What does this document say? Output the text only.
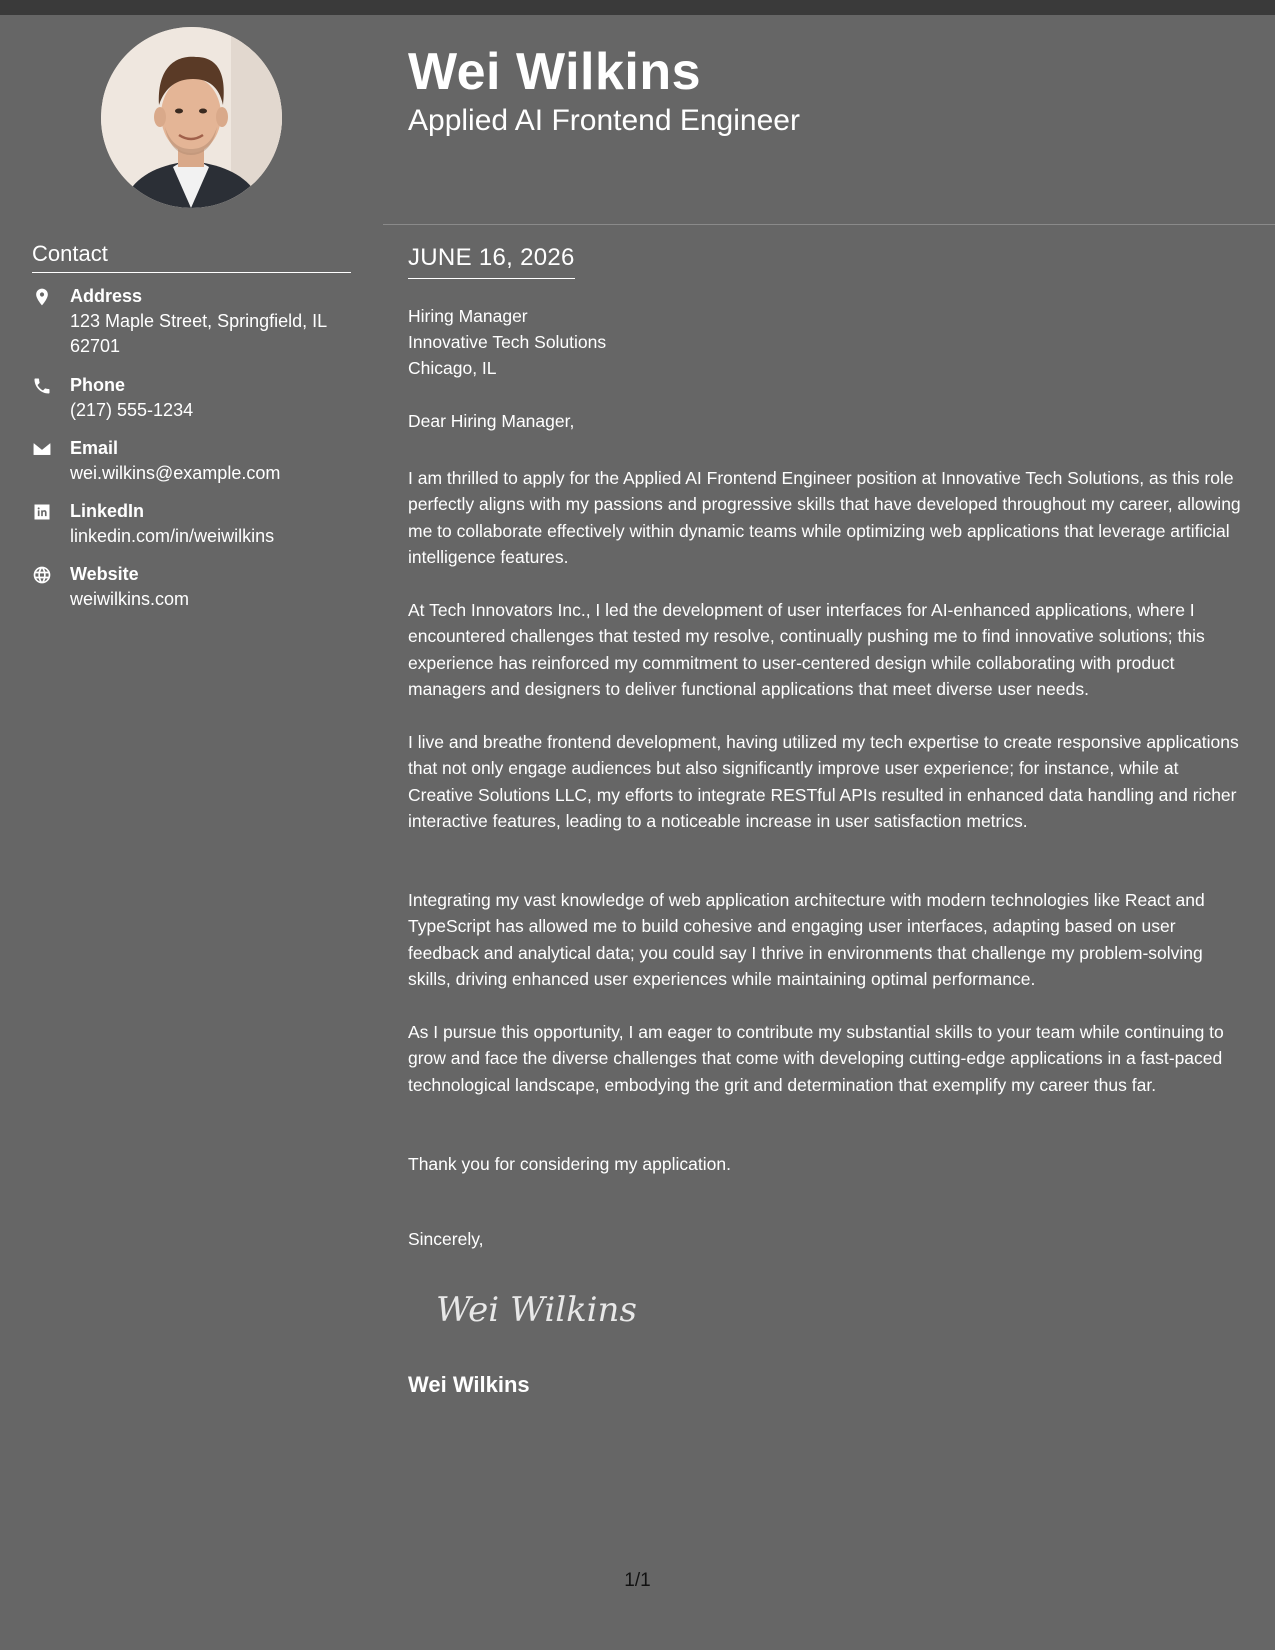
Contact
Address
123 Maple Street, Springfield, IL 62701
Phone
(217) 555-1234
Email
wei.wilkins@example.com
LinkedIn
linkedin.com/in/weiwilkins
Website
weiwilkins.com
Wei Wilkins
Applied AI Frontend Engineer
JUNE 16, 2026
Hiring Manager
Innovative Tech Solutions
Chicago, IL
Dear Hiring Manager,
I am thrilled to apply for the Applied AI Frontend Engineer position at Innovative Tech Solutions, as this role perfectly aligns with my passions and progressive skills that have developed throughout my career, allowing me to collaborate effectively within dynamic teams while optimizing web applications that leverage artificial intelligence features.
At Tech Innovators Inc., I led the development of user interfaces for AI-enhanced applications, where I encountered challenges that tested my resolve, continually pushing me to find innovative solutions; this experience has reinforced my commitment to user-centered design while collaborating with product managers and designers to deliver functional applications that meet diverse user needs.
I live and breathe frontend development, having utilized my tech expertise to create responsive applications that not only engage audiences but also significantly improve user experience; for instance, while at Creative Solutions LLC, my efforts to integrate RESTful APIs resulted in enhanced data handling and richer interactive features, leading to a noticeable increase in user satisfaction metrics.
Integrating my vast knowledge of web application architecture with modern technologies like React and TypeScript has allowed me to build cohesive and engaging user interfaces, adapting based on user feedback and analytical data; you could say I thrive in environments that challenge my problem-solving skills, driving enhanced user experiences while maintaining optimal performance.
As I pursue this opportunity, I am eager to contribute my substantial skills to your team while continuing to grow and face the diverse challenges that come with developing cutting-edge applications in a fast-paced technological landscape, embodying the grit and determination that exemplify my career thus far.
Thank you for considering my application.
Sincerely,
Wei Wilkins
Wei Wilkins
1/1
